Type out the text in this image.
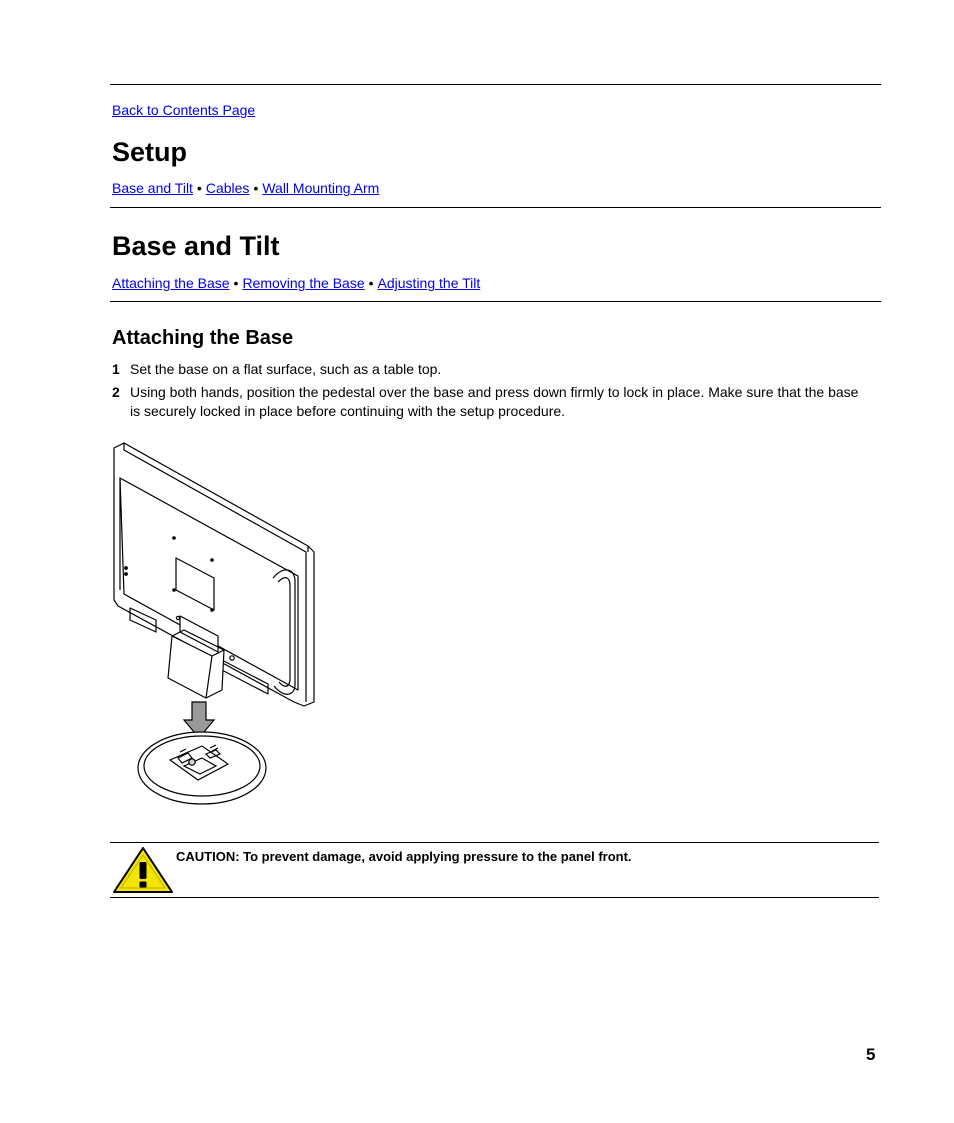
Back to Contents Page
Setup
Base and Tilt • Cables • Wall Mounting Arm
Base and Tilt
Attaching the Base • Removing the Base • Adjusting the Tilt
Attaching the Base
1 Set the base on a flat surface, such as a table top.
2 Using both hands, position the pedestal over the base and press down firmly to lock in place. Make sure that the base is securely locked in place before continuing with the setup procedure.
CAUTION: To prevent damage, avoid applying pressure to the panel front.
5
